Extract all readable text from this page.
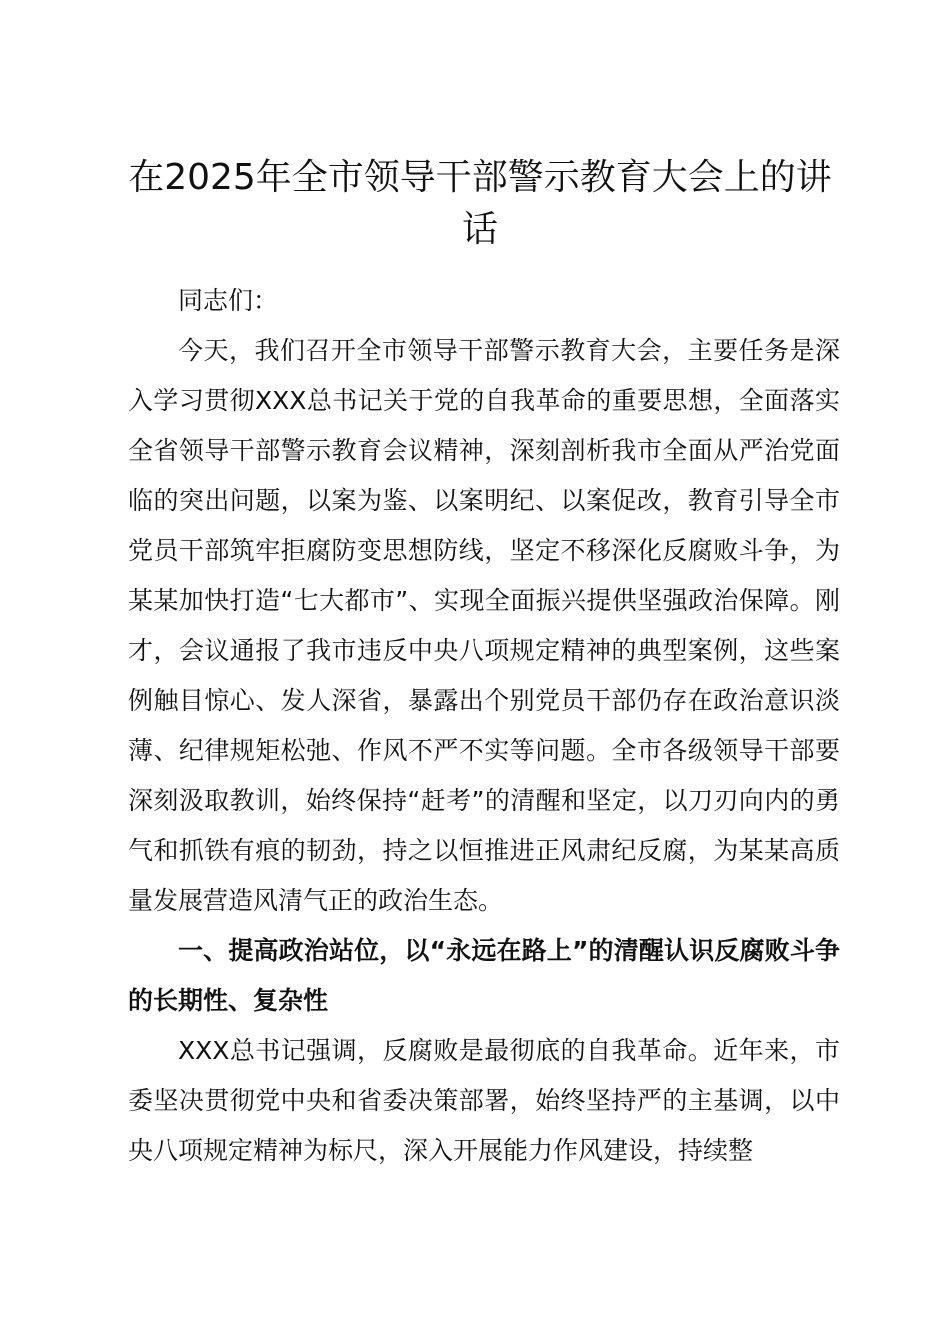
在2025年全市领导干部警示教育大会上的讲话

同志们：

今天，我们召开全市领导干部警示教育大会，主要任务是深入学习贯彻XXX总书记关于党的自我革命的重要思想，全面落实全省领导干部警示教育会议精神，深刻剖析我市全面从严治党面临的突出问题，以案为鉴、以案明纪、以案促改，教育引导全市党员干部筑牢拒腐防变思想防线，坚定不移深化反腐败斗争，为某某加快打造“七大都市”、实现全面振兴提供坚强政治保障。刚才，会议通报了我市违反中央八项规定精神的典型案例，这些案例触目惊心、发人深省，暴露出个别党员干部仍存在政治意识淡薄、纪律规矩松弛、作风不严不实等问题。全市各级领导干部要深刻汲取教训，始终保持“赶考”的清醒和坚定，以刀刃向内的勇气和抓铁有痕的韧劲，持之以恒推进正风肃纪反腐，为某某高质量发展营造风清气正的政治生态。

一、提高政治站位，以“永远在路上”的清醒认识反腐败斗争的长期性、复杂性

XXX总书记强调，反腐败是最彻底的自我革命。近年来，市委坚决贯彻党中央和省委决策部署，始终坚持严的主基调，以中央八项规定精神为标尺，深入开展能力作风建设，持续整
